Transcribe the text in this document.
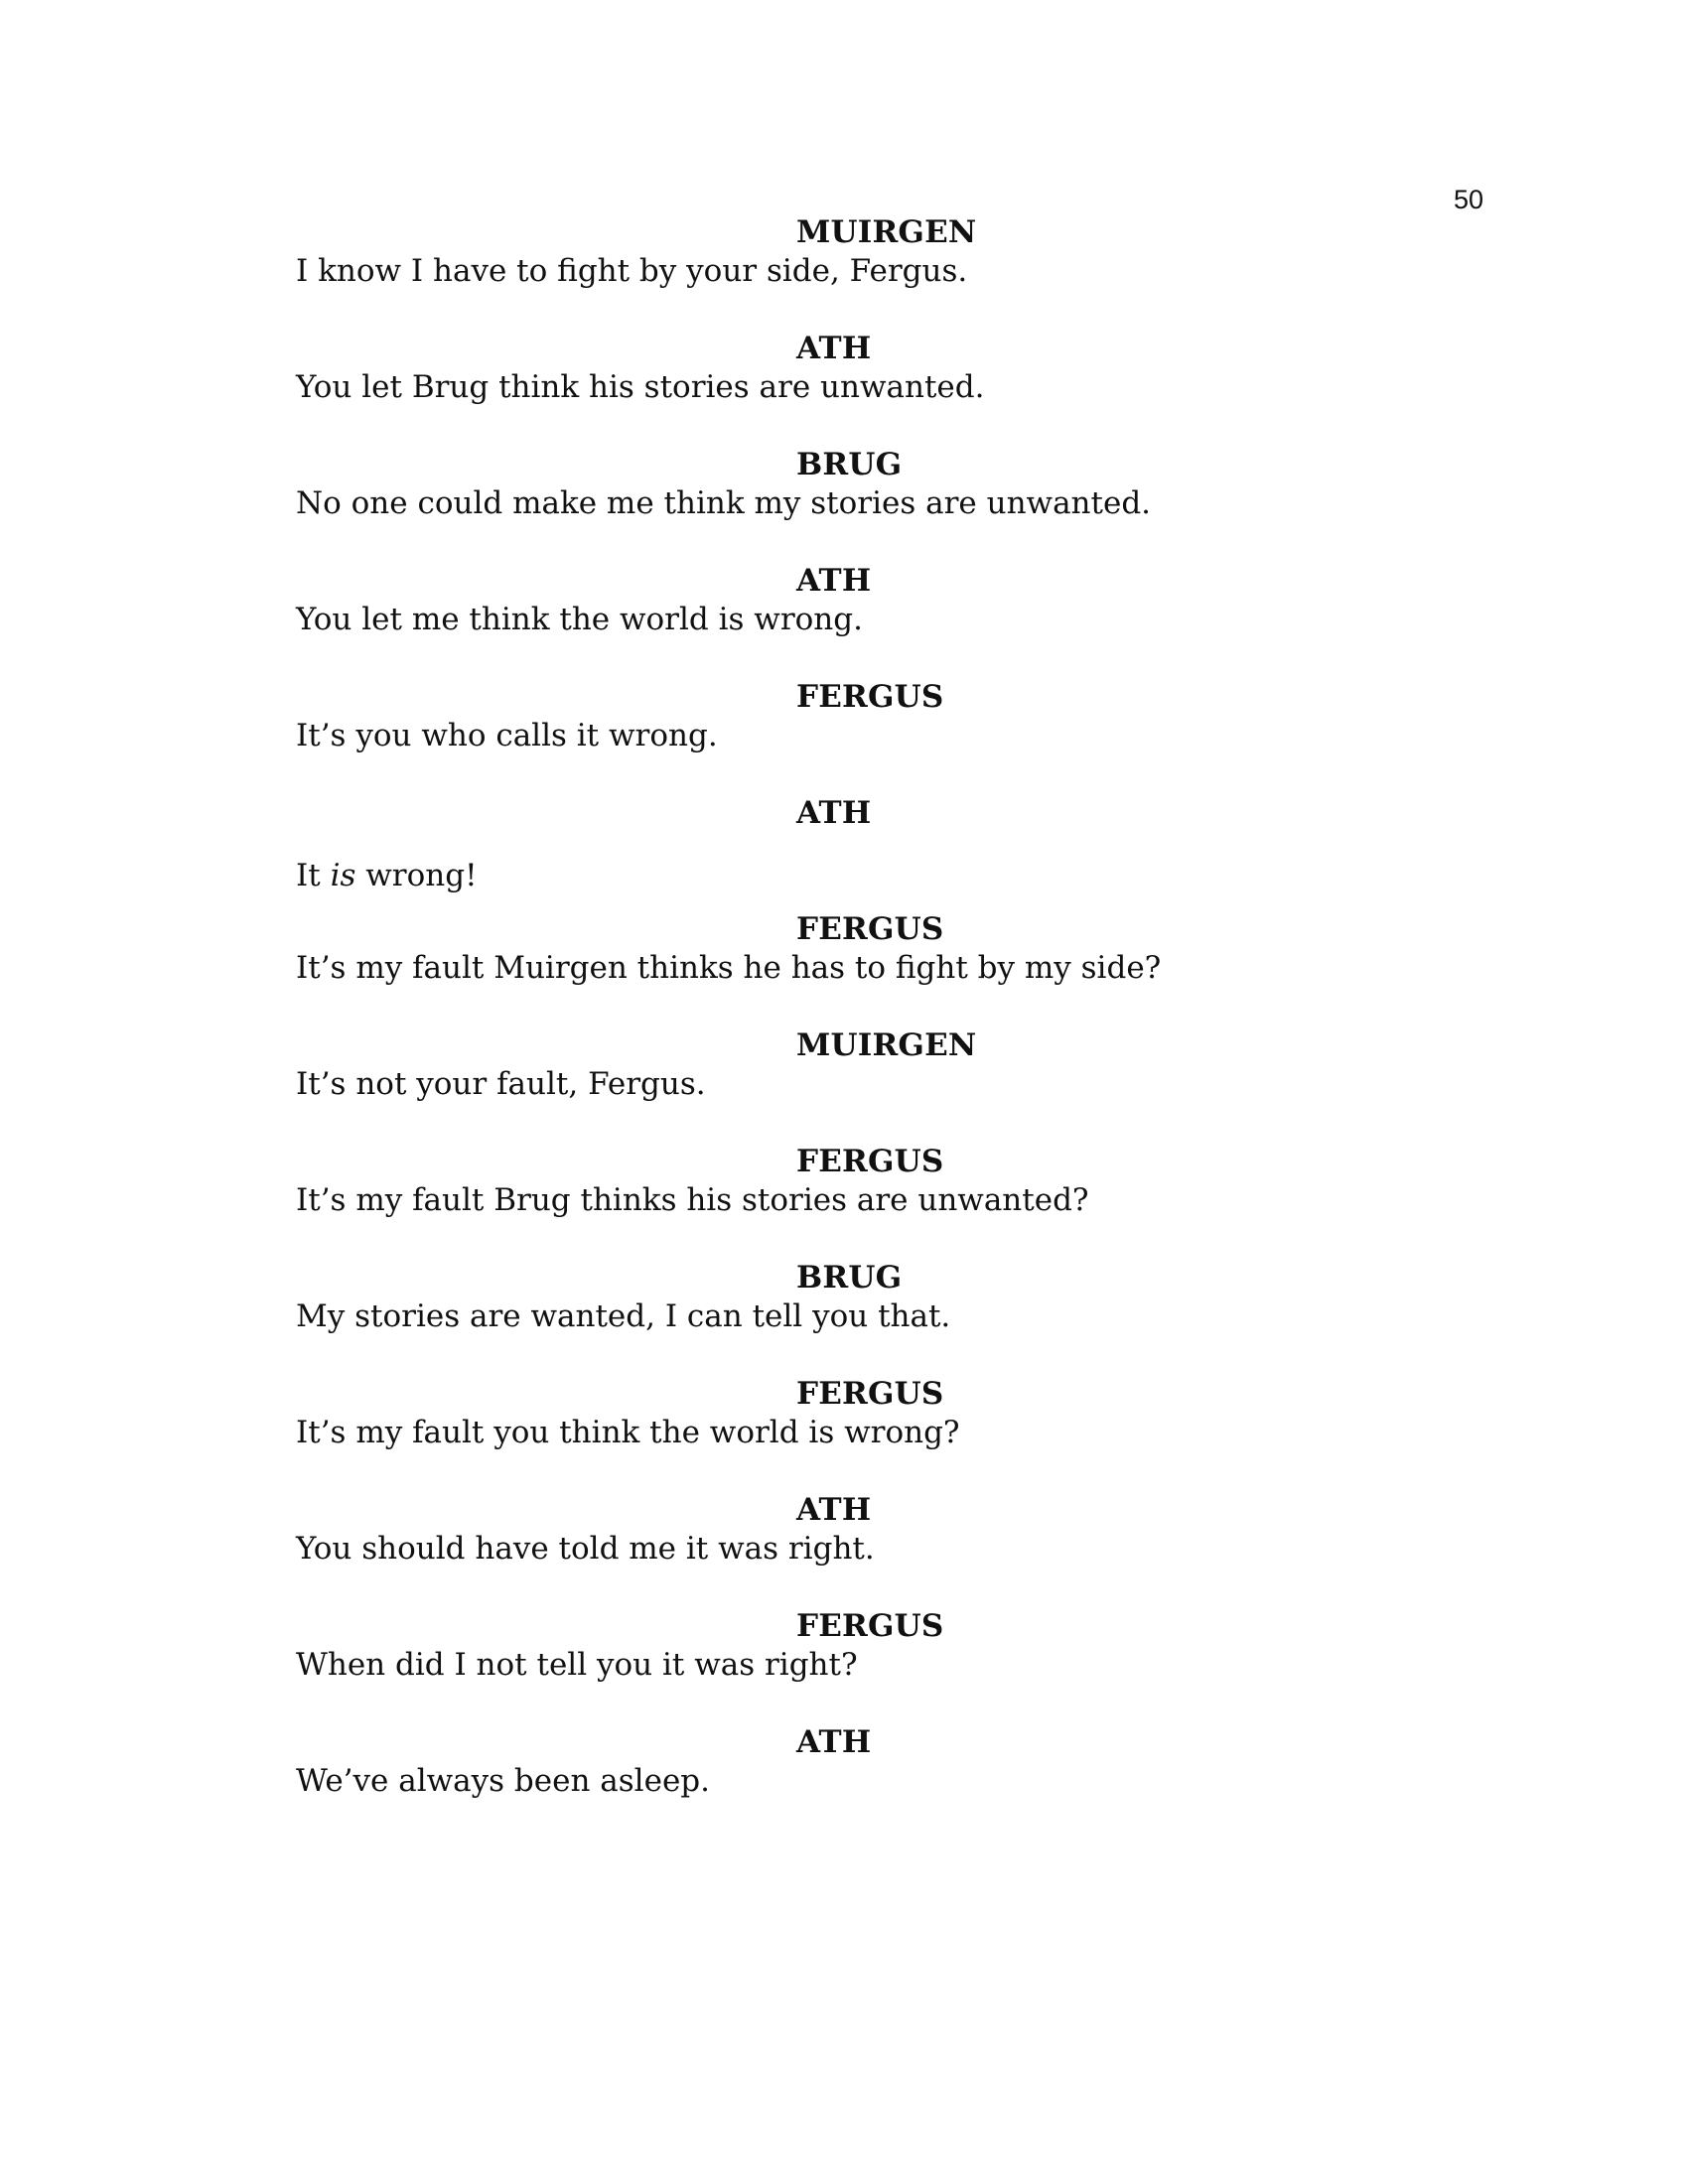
50
MUIRGEN
I know I have to fight by your side, Fergus.
ATH
You let Brug think his stories are unwanted.
BRUG
No one could make me think my stories are unwanted.
ATH
You let me think the world is wrong.
FERGUS
It’s you who calls it wrong.
ATH
It is wrong!
FERGUS
It’s my fault Muirgen thinks he has to fight by my side?
MUIRGEN
It’s not your fault, Fergus.
FERGUS
It’s my fault Brug thinks his stories are unwanted?
BRUG
My stories are wanted, I can tell you that.
FERGUS
It’s my fault you think the world is wrong?
ATH
You should have told me it was right.
FERGUS
When did I not tell you it was right?
ATH
We’ve always been asleep.
